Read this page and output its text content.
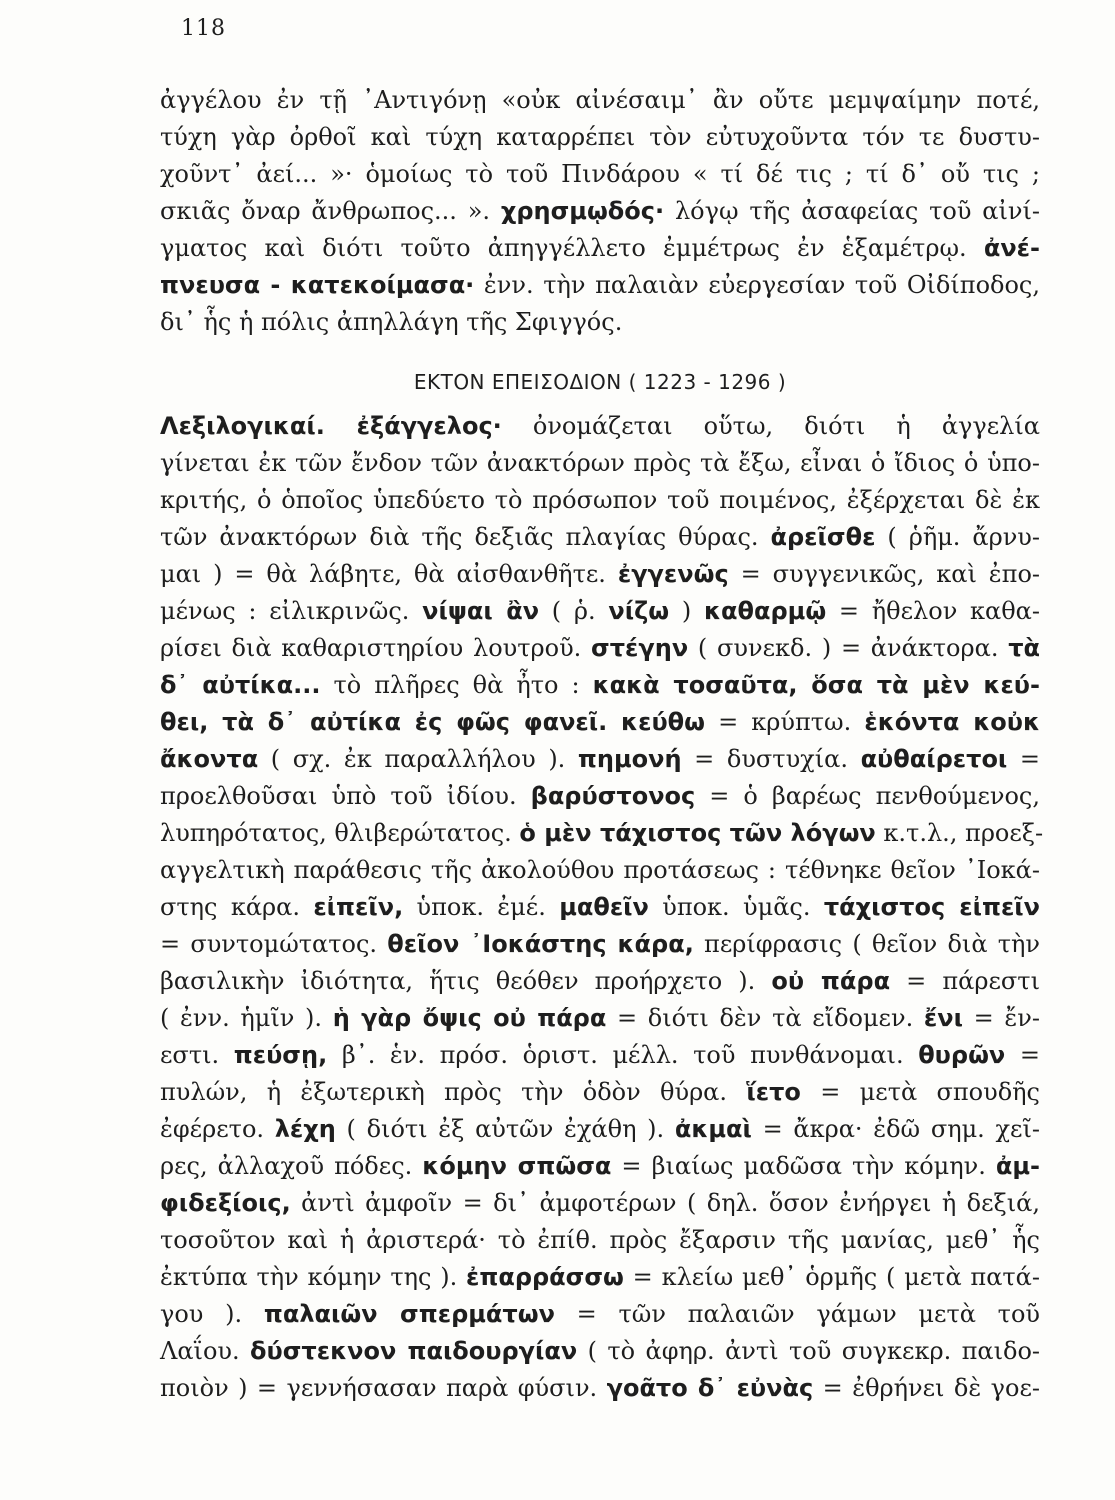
118
ἀγγέλου ἐν τῇ ᾽Αντιγόνῃ «οὐκ αἰνέσαιμ᾽ ἂν οὔτε μεμψαίμην ποτέ,
τύχη γὰρ ὀρθοῖ καὶ τύχη καταρρέπει τὸν εὐτυχοῦντα τόν τε δυστυ-
χοῦντ᾽ ἀεί... »· ὁμοίως τὸ τοῦ Πινδάρου « τί δέ τις ; τί δ᾽ οὔ τις ;
σκιᾶς ὄναρ ἄνθρωπος... ». χρησμῳδός· λόγῳ τῆς ἀσαφείας τοῦ αἰνί-
γματος καὶ διότι τοῦτο ἀπηγγέλλετο ἐμμέτρως ἐν ἑξαμέτρῳ. ἀνέ-
πνευσα - κατεκοίμασα· ἐνν. τὴν παλαιὰν εὐεργεσίαν τοῦ Οἰδίποδος,
δι᾽ ἧς ἡ πόλις ἀπηλλάγη τῆς Σφιγγός.
ΕΚΤΟΝ ΕΠΕΙΣΟΔΙΟΝ ( 1223 - 1296 )
Λεξιλογικαί. ἐξάγγελος· ὀνομάζεται οὕτω, διότι ἡ ἀγγελία
γίνεται ἐκ τῶν ἔνδον τῶν ἀνακτόρων πρὸς τὰ ἔξω, εἶναι ὁ ἴδιος ὁ ὑπο-
κριτής, ὁ ὁποῖος ὑπεδύετο τὸ πρόσωπον τοῦ ποιμένος, ἐξέρχεται δὲ ἐκ
τῶν ἀνακτόρων διὰ τῆς δεξιᾶς πλαγίας θύρας. ἀρεῖσθε ( ῥῆμ. ἄρνυ-
μαι ) = θὰ λάβητε, θὰ αἰσθανθῆτε. ἐγγενῶς = συγγενικῶς, καὶ ἐπο-
μένως : εἰλικρινῶς. νίψαι ἂν ( ῥ. νίζω ) καθαρμῷ = ἤθελον καθα-
ρίσει διὰ καθαριστηρίου λουτροῦ. στέγην ( συνεκδ. ) = ἀνάκτορα. τὰ
δ᾽ αὐτίκα... τὸ πλῆρες θὰ ἦτο : κακὰ τοσαῦτα, ὅσα τὰ μὲν κεύ-
θει, τὰ δ᾽ αὐτίκα ἐς φῶς φανεῖ. κεύθω = κρύπτω. ἑκόντα κοὐκ
ἄκοντα ( σχ. ἐκ παραλλήλου ). πημονή = δυστυχία. αὐθαίρετοι =
προελθοῦσαι ὑπὸ τοῦ ἰδίου. βαρύστονος = ὁ βαρέως πενθούμενος,
λυπηρότατος, θλιβερώτατος. ὁ μὲν τάχιστος τῶν λόγων κ.τ.λ., προεξ-
αγγελτικὴ παράθεσις τῆς ἀκολούθου προτάσεως : τέθνηκε θεῖον ᾽Ιοκά-
στης κάρα. εἰπεῖν, ὑποκ. ἐμέ. μαθεῖν ὑποκ. ὑμᾶς. τάχιστος εἰπεῖν
= συντομώτατος. θεῖον ᾽Ιοκάστης κάρα, περίφρασις ( θεῖον διὰ τὴν
βασιλικὴν ἰδιότητα, ἥτις θεόθεν προήρχετο ). οὐ πάρα = πάρεστι
( ἐνν. ἡμῖν ). ἡ γὰρ ὄψις οὐ πάρα = διότι δὲν τὰ εἴδομεν. ἔνι = ἔν-
εστι. πεύσῃ, β᾽. ἑν. πρόσ. ὁριστ. μέλλ. τοῦ πυνθάνομαι. θυρῶν =
πυλών, ἡ ἐξωτερικὴ πρὸς τὴν ὁδὸν θύρα. ἵετο = μετὰ σπουδῆς
ἐφέρετο. λέχη ( διότι ἐξ αὐτῶν ἐχάθη ). ἀκμαὶ = ἄκρα· ἐδῶ σημ. χεῖ-
ρες, ἀλλαχοῦ πόδες. κόμην σπῶσα = βιαίως μαδῶσα τὴν κόμην. ἀμ-
φιδεξίοις, ἀντὶ ἀμφοῖν = δι᾽ ἀμφοτέρων ( δηλ. ὅσον ἐνήργει ἡ δεξιά,
τοσοῦτον καὶ ἡ ἀριστερά· τὸ ἐπίθ. πρὸς ἔξαρσιν τῆς μανίας, μεθ᾽ ἧς
ἐκτύπα τὴν κόμην της ). ἐπαρράσσω = κλείω μεθ᾽ ὁρμῆς ( μετὰ πατά-
γου ). παλαιῶν σπερμάτων = τῶν παλαιῶν γάμων μετὰ τοῦ
Λαΐου. δύστεκνον παιδουργίαν ( τὸ ἀφηρ. ἀντὶ τοῦ συγκεκρ. παιδο-
ποιὸν ) = γεννήσασαν παρὰ φύσιν. γοᾶτο δ᾽ εὐνὰς = ἐθρήνει δὲ γοε-
